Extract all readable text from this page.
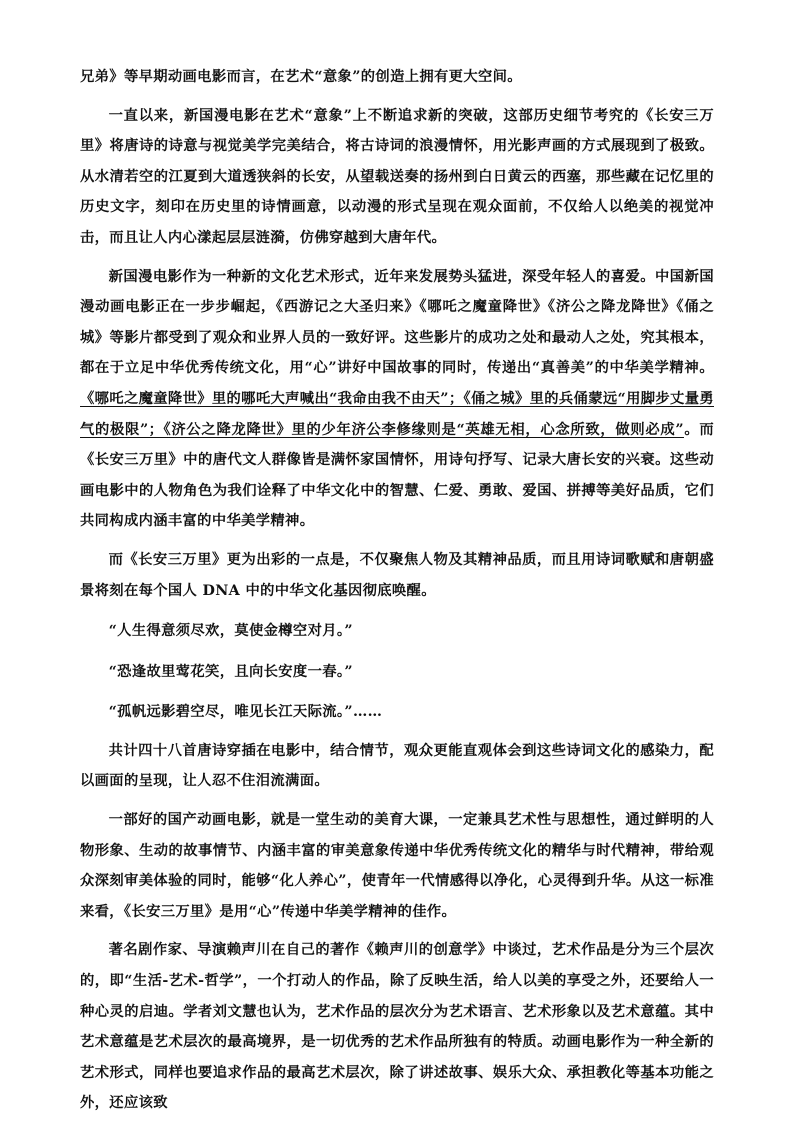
兄弟》等早期动画电影而言，在艺术“意象”的创造上拥有更大空间。

一直以来，新国漫电影在艺术“意象”上不断追求新的突破，这部历史细节考究的《长安三万里》将唐诗的诗意与视觉美学完美结合，将古诗词的浪漫情怀，用光影声画的方式展现到了极致。从水清若空的江夏到大道透狭斜的长安，从望载送奏的扬州到白日黄云的西塞，那些藏在记忆里的历史文字，刻印在历史里的诗情画意，以动漫的形式呈现在观众面前，不仅给人以绝美的视觉冲击，而且让人内心漾起层层涟漪，仿佛穿越到大唐年代。

新国漫电影作为一种新的文化艺术形式，近年来发展势头猛进，深受年轻人的喜爱。中国新国漫动画电影正在一步步崛起，《西游记之大圣归来》《哪吒之魔童降世》《济公之降龙降世》《俑之城》等影片都受到了观众和业界人员的一致好评。这些影片的成功之处和最动人之处，究其根本，都在于立足中华优秀传统文化，用“心”讲好中国故事的同时，传递出“真善美”的中华美学精神。《哪吒之魔童降世》里的哪吒大声喊出“我命由我不由天”；《俑之城》里的兵俑蒙远“用脚步丈量勇气的极限”；《济公之降龙降世》里的少年济公李修缘则是“英雄无相，心念所致，做则必成”。而《长安三万里》中的唐代文人群像皆是满怀家国情怀，用诗句抒写、记录大唐长安的兴衰。这些动画电影中的人物角色为我们诠释了中华文化中的智慧、仁爱、勇敢、爱国、拼搏等美好品质，它们共同构成内涵丰富的中华美学精神。

而《长安三万里》更为出彩的一点是，不仅聚焦人物及其精神品质，而且用诗词歌赋和唐朝盛景将刻在每个国人 DNA 中的中华文化基因彻底唤醒。

“人生得意须尽欢，莫使金樽空对月。”

“恐逢故里莺花笑，且向长安度一春。”

“孤帆远影碧空尽，唯见长江天际流。”……

共计四十八首唐诗穿插在电影中，结合情节，观众更能直观体会到这些诗词文化的感染力，配以画面的呈现，让人忍不住泪流满面。

一部好的国产动画电影，就是一堂生动的美育大课，一定兼具艺术性与思想性，通过鲜明的人物形象、生动的故事情节、内涵丰富的审美意象传递中华优秀传统文化的精华与时代精神，带给观众深刻审美体验的同时，能够“化人养心”，使青年一代情感得以净化，心灵得到升华。从这一标准来看，《长安三万里》是用“心”传递中华美学精神的佳作。

著名剧作家、导演赖声川在自己的著作《赖声川的创意学》中谈过，艺术作品是分为三个层次的，即“生活-艺术-哲学”，一个打动人的作品，除了反映生活，给人以美的享受之外，还要给人一种心灵的启迪。学者刘文慧也认为，艺术作品的层次分为艺术语言、艺术形象以及艺术意蕴。其中艺术意蕴是艺术层次的最高境界，是一切优秀的艺术作品所独有的特质。动画电影作为一种全新的艺术形式，同样也要追求作品的最高艺术层次，除了讲述故事、娱乐大众、承担教化等基本功能之外，还应该致
